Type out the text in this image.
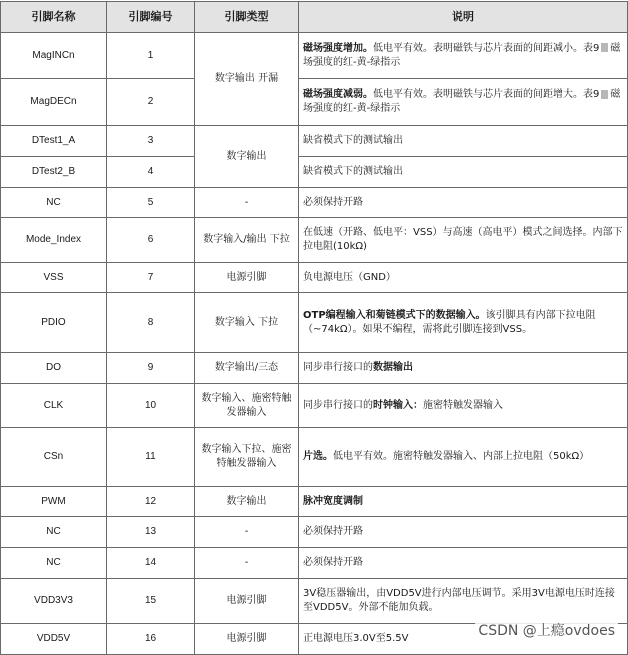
引脚名称	引脚编号	引脚类型	说明
MagINCn	1	数字输出 开漏	磁场强度增加。低电平有效。表明磁铁与芯片表面的间距减小。表9 磁场强度的红-黄-绿指示
MagDECn	2		磁场强度减弱。低电平有效。表明磁铁与芯片表面的间距增大。表9 磁场强度的红-黄-绿指示
DTest1_A	3	数字输出	缺省模式下的测试输出
DTest2_B	4		缺省模式下的测试输出
NC	5	-	必须保持开路
Mode_Index	6	数字输入/输出 下拉	在低速（开路、低电平：VSS）与高速（高电平）模式之间选择。内部下拉电阻(10kΩ)
VSS	7	电源引脚	负电源电压（GND）
PDIO	8	数字输入 下拉	OTP编程输入和菊链模式下的数据输入。该引脚具有内部下拉电阻（~74kΩ）。如果不编程，需将此引脚连接到VSS。
DO	9	数字输出/三态	同步串行接口的数据输出
CLK	10	数字输入、施密特触发器输入	同步串行接口的时钟输入：施密特触发器输入
CSn	11	数字输入下拉、施密特触发器输入	片选。低电平有效。施密特触发器输入、内部上拉电阻（50kΩ）
PWM	12	数字输出	脉冲宽度调制
NC	13	-	必须保持开路
NC	14	-	必须保持开路
VDD3V3	15	电源引脚	3V稳压器输出，由VDD5V进行内部电压调节。采用3V电源电压时连接至VDD5V。外部不能加负载。
VDD5V	16	电源引脚	正电源电压3.0V至5.5V	CSDN @上瘾ovdoes
